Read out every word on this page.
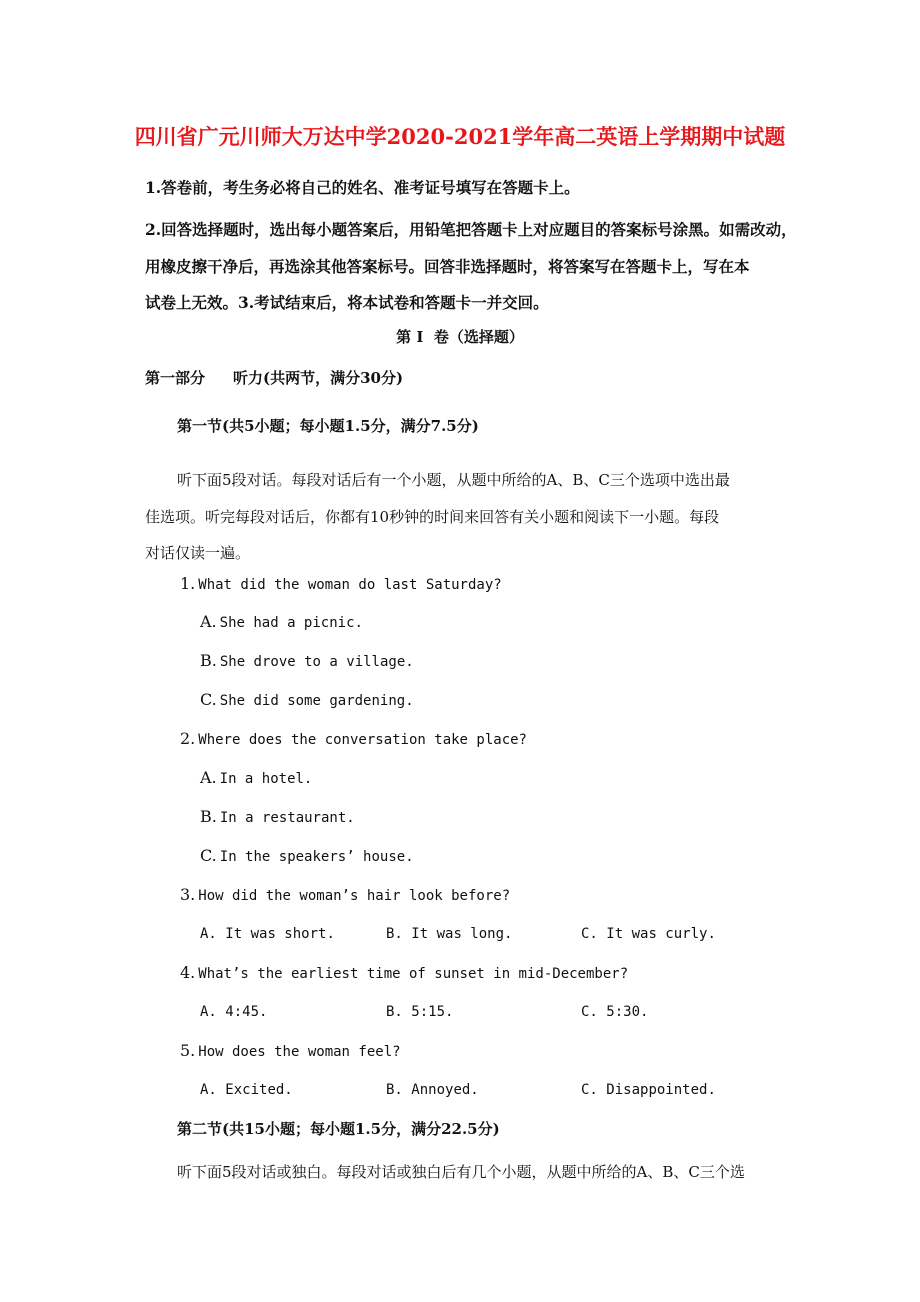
四川省广元川师大万达中学2020-2021学年高二英语上学期期中试题
1.答卷前，考生务必将自己的姓名、准考证号填写在答题卡上。
2.回答选择题时，选出每小题答案后，用铅笔把答题卡上对应题目的答案标号涂黑。如需改动，
用橡皮擦干净后，再选涂其他答案标号。回答非选择题时，将答案写在答题卡上，写在本
试卷上无效。3.考试结束后，将本试卷和答题卡一并交回。
第 I  卷（选择题）
第一部分 听力(共两节，满分30分)
第一节(共5小题；每小题1.5分，满分7.5分)
听下面5段对话。每段对话后有一个小题，从题中所给的A、B、C三个选项中选出最
佳选项。听完每段对话后，你都有10秒钟的时间来回答有关小题和阅读下一小题。每段
对话仅读一遍。
1. What did the woman do last Saturday?
A. She had a picnic.
B. She drove to a village.
C. She did some gardening.
2. Where does the conversation take place?
A. In a hotel.
B. In a restaurant.
C. In the speakers’ house.
3. How did the woman’s hair look before?
A. It was short.	B. It was long.	C. It was curly.
4. What’s the earliest time of sunset in mid-December?
A. 4:45.	B. 5:15.	C. 5:30.
5. How does the woman feel?
A. Excited.	B. Annoyed.	C. Disappointed.
第二节(共15小题；每小题1.5分，满分22.5分)
听下面5段对话或独白。每段对话或独白后有几个小题，从题中所给的A、B、C三个选
